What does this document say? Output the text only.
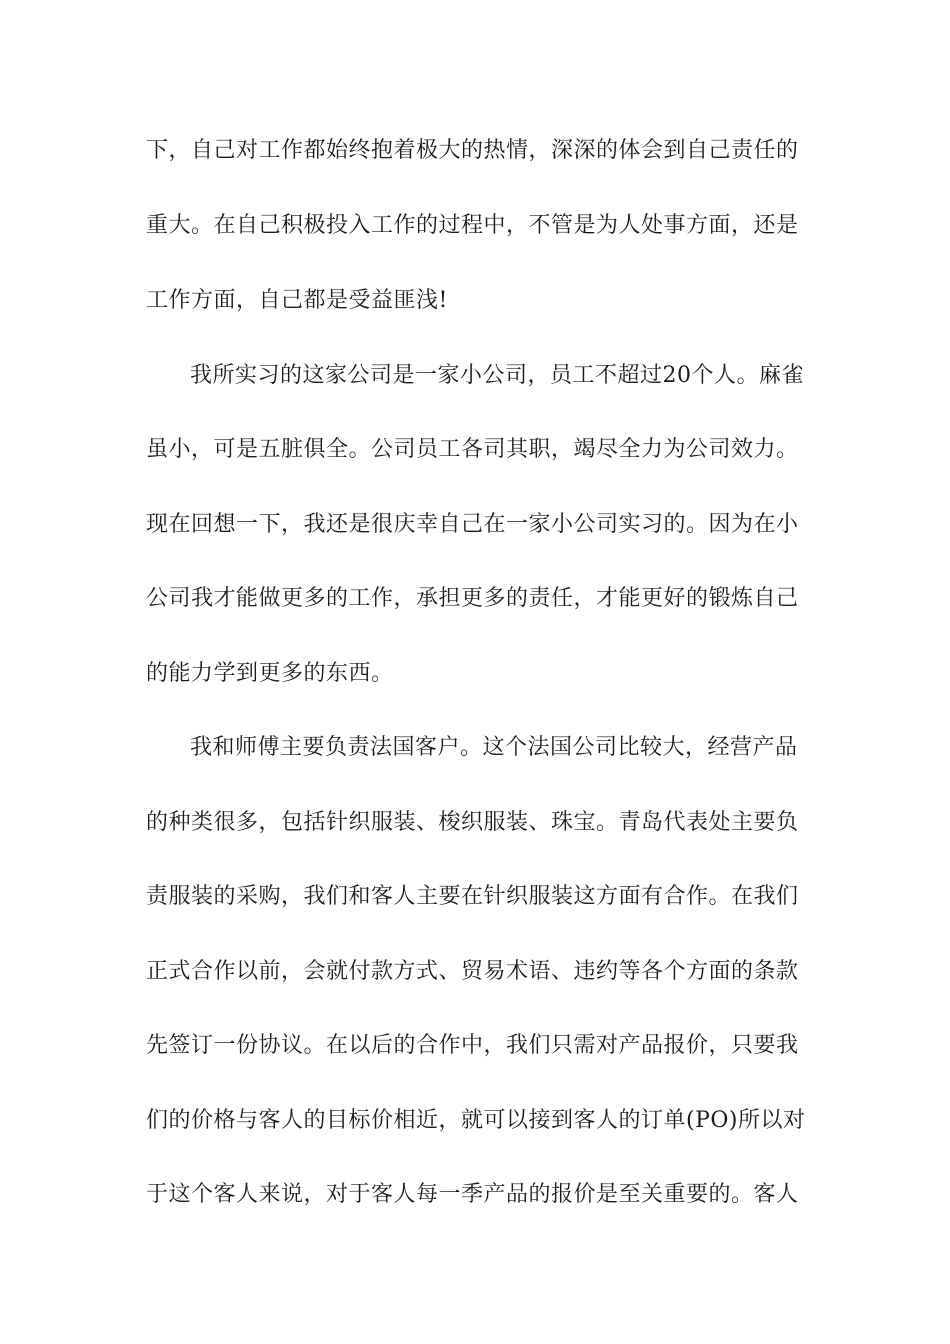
下，自己对工作都始终抱着极大的热情，深深的体会到自己责任的
重大。在自己积极投入工作的过程中，不管是为人处事方面，还是
工作方面，自己都是受益匪浅!
我所实习的这家公司是一家小公司，员工不超过20个人。麻雀
虽小，可是五脏俱全。公司员工各司其职，竭尽全力为公司效力。
现在回想一下，我还是很庆幸自己在一家小公司实习的。因为在小
公司我才能做更多的工作，承担更多的责任，才能更好的锻炼自己
的能力学到更多的东西。
我和师傅主要负责法国客户。这个法国公司比较大，经营产品
的种类很多，包括针织服装、梭织服装、珠宝。青岛代表处主要负
责服装的采购，我们和客人主要在针织服装这方面有合作。在我们
正式合作以前，会就付款方式、贸易术语、违约等各个方面的条款
先签订一份协议。在以后的合作中，我们只需对产品报价，只要我
们的价格与客人的目标价相近，就可以接到客人的订单(PO)所以对
于这个客人来说，对于客人每一季产品的报价是至关重要的。客人
